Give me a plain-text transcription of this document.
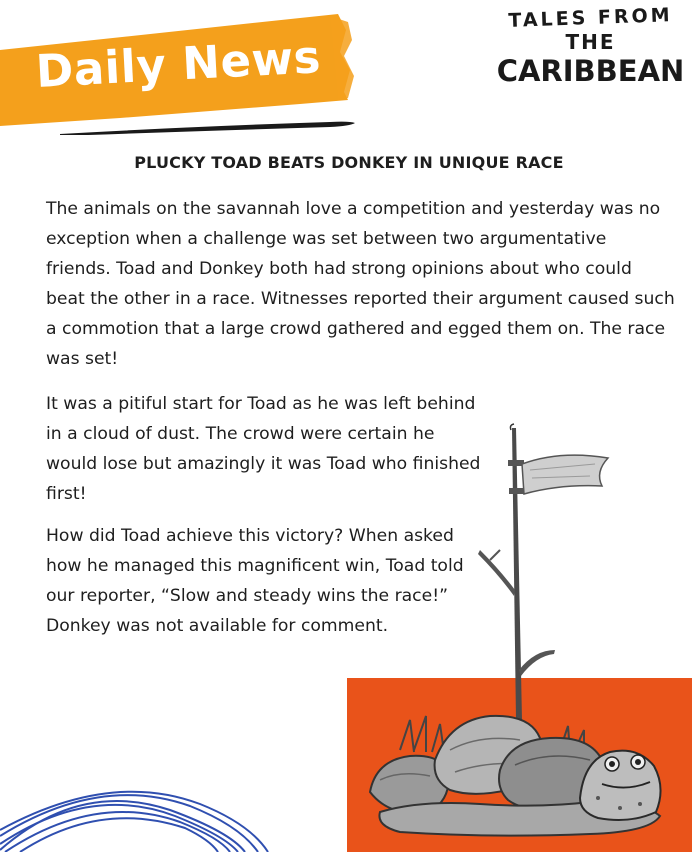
Daily News
TALES FROM
THE
CARIBBEAN
PLUCKY TOAD BEATS DONKEY IN UNIQUE RACE

The animals on the savannah love a competition and yesterday was no exception when a challenge was set between two argumentative friends. Toad and Donkey both had strong opinions about who could beat the other in a race. Witnesses reported their argument caused such a commotion that a large crowd gathered and egged them on. The race was set!

It was a pitiful start for Toad as he was left behind in a cloud of dust. The crowd were certain he would lose but amazingly it was Toad who finished first!

How did Toad achieve this victory? When asked how he managed this magnificent win, Toad told our reporter, “Slow and steady wins the race!” Donkey was not available for comment.
